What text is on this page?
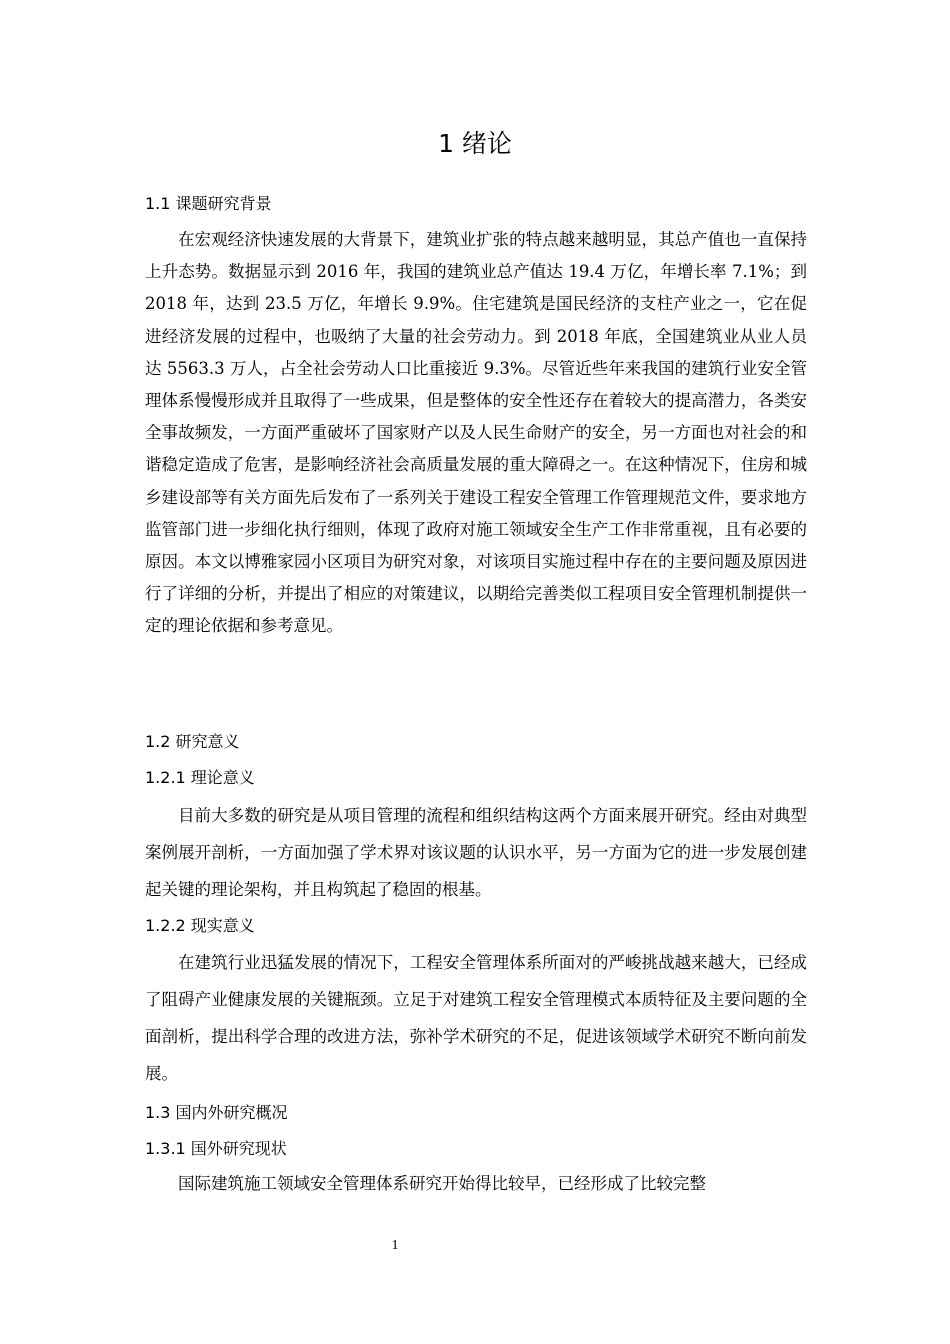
1 绪论
1.1 课题研究背景

在宏观经济快速发展的大背景下，建筑业扩张的特点越来越明显，其总产值也一直保持上升态势。数据显示到 2016 年，我国的建筑业总产值达 19.4 万亿，年增长率 7.1%；到 2018 年，达到 23.5 万亿，年增长 9.9%。住宅建筑是国民经济的支柱产业之一，它在促进经济发展的过程中，也吸纳了大量的社会劳动力。到 2018 年底，全国建筑业从业人员达 5563.3 万人，占全社会劳动人口比重接近 9.3%。尽管近些年来我国的建筑行业安全管理体系慢慢形成并且取得了一些成果，但是整体的安全性还存在着较大的提高潜力，各类安全事故频发，一方面严重破坏了国家财产以及人民生命财产的安全，另一方面也对社会的和谐稳定造成了危害，是影响经济社会高质量发展的重大障碍之一。在这种情况下，住房和城乡建设部等有关方面先后发布了一系列关于建设工程安全管理工作管理规范文件，要求地方监管部门进一步细化执行细则，体现了政府对施工领域安全生产工作非常重视，且有必要的原因。本文以博雅家园小区项目为研究对象，对该项目实施过程中存在的主要问题及原因进行了详细的分析，并提出了相应的对策建议，以期给完善类似工程项目安全管理机制提供一定的理论依据和参考意见。

1.2 研究意义
1.2.1 理论意义

目前大多数的研究是从项目管理的流程和组织结构这两个方面来展开研究。经由对典型案例展开剖析，一方面加强了学术界对该议题的认识水平，另一方面为它的进一步发展创建起关键的理论架构，并且构筑起了稳固的根基。

1.2.2 现实意义

在建筑行业迅猛发展的情况下，工程安全管理体系所面对的严峻挑战越来越大，已经成了阻碍产业健康发展的关键瓶颈。立足于对建筑工程安全管理模式本质特征及主要问题的全面剖析，提出科学合理的改进方法，弥补学术研究的不足，促进该领域学术研究不断向前发展。

1.3 国内外研究概况
1.3.1 国外研究现状

国际建筑施工领域安全管理体系研究开始得比较早，已经形成了比较完整

1
